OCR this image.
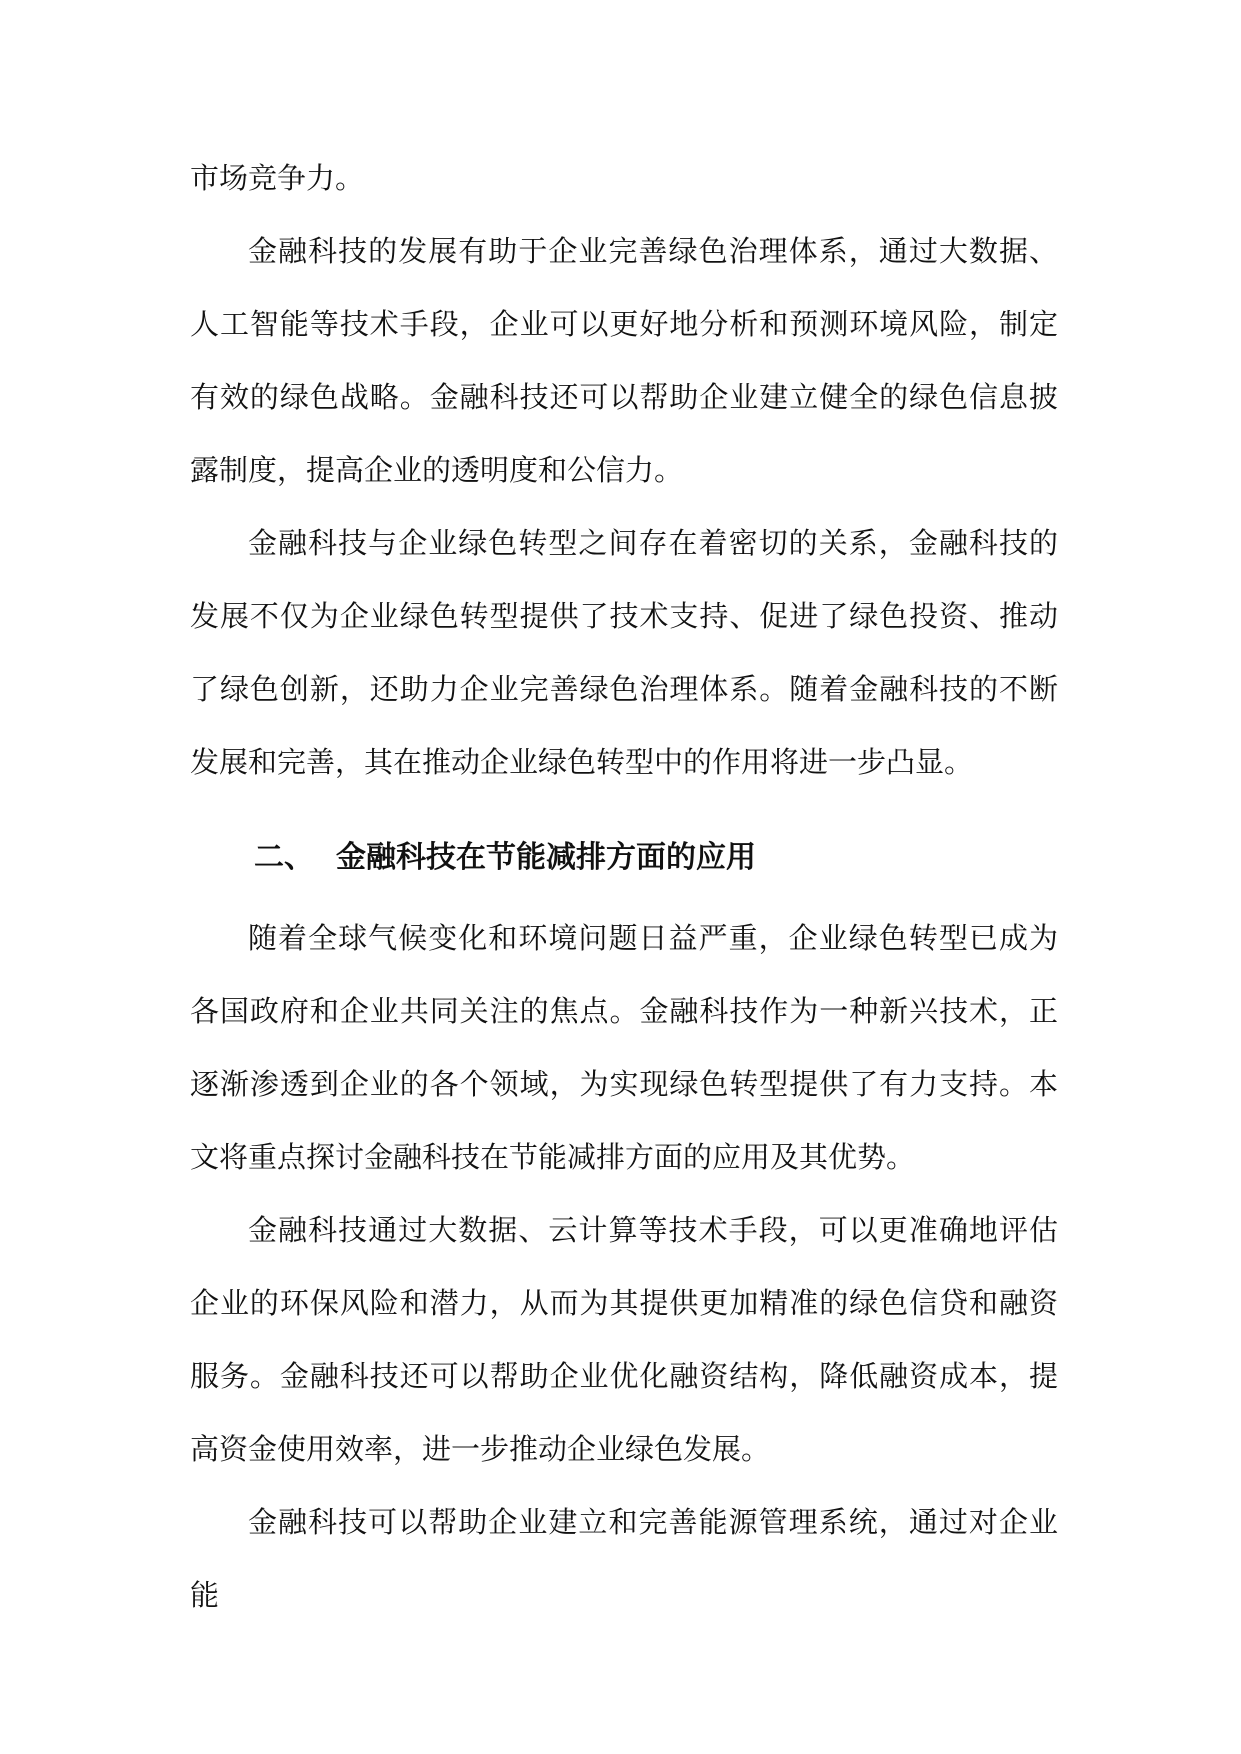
市场竞争力。

金融科技的发展有助于企业完善绿色治理体系，通过大数据、人工智能等技术手段，企业可以更好地分析和预测环境风险，制定有效的绿色战略。金融科技还可以帮助企业建立健全的绿色信息披露制度，提高企业的透明度和公信力。

金融科技与企业绿色转型之间存在着密切的关系，金融科技的发展不仅为企业绿色转型提供了技术支持、促进了绿色投资、推动了绿色创新，还助力企业完善绿色治理体系。随着金融科技的不断发展和完善，其在推动企业绿色转型中的作用将进一步凸显。

二、 金融科技在节能减排方面的应用

随着全球气候变化和环境问题日益严重，企业绿色转型已成为各国政府和企业共同关注的焦点。金融科技作为一种新兴技术，正逐渐渗透到企业的各个领域，为实现绿色转型提供了有力支持。本文将重点探讨金融科技在节能减排方面的应用及其优势。

金融科技通过大数据、云计算等技术手段，可以更准确地评估企业的环保风险和潜力，从而为其提供更加精准的绿色信贷和融资服务。金融科技还可以帮助企业优化融资结构，降低融资成本，提高资金使用效率，进一步推动企业绿色发展。

金融科技可以帮助企业建立和完善能源管理系统，通过对企业能
